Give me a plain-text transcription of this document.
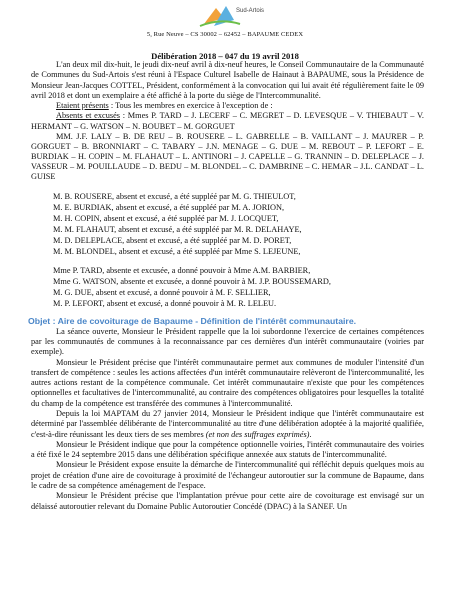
Sud-Artois
5, Rue Neuve – CS 30002 – 62452 – BAPAUME CEDEX
Délibération 2018 – 047 du 19 avril 2018

L'an deux mil dix-huit, le jeudi dix-neuf avril à dix-neuf heures, le Conseil Communautaire de la Communauté de Communes du Sud-Artois s'est réuni à l'Espace Culturel Isabelle de Hainaut à BAPAUME, sous la Présidence de Monsieur Jean-Jacques COTTEL, Président, conformément à la convocation qui lui avait été régulièrement faite le 09 avril 2018 et dont un exemplaire a été affiché à la porte du siège de l'Intercommunalité.

Etaient présents : Tous les membres en exercice à l'exception de :

Absents et excusés : Mmes P. TARD – J. LECERF – C. MEGRET – D. LEVESQUE – V. THIEBAUT – V. HERMANT – G. WATSON – N. BOUBET – M. GORGUET

MM. J.F. LALY – B. DE REU – B. ROUSERE – L. GABRELLE – B. VAILLANT – J. MAURER – P. GORGUET – B. BRONNIART – C. TABARY – J.N. MENAGE – G. DUE – M. REBOUT – P. LEFORT – E. BURDIAK – H. COPIN – M. FLAHAUT – L. ANTINORI – J. CAPELLE – G. TRANNIN – D. DELEPLACE – J. VASSEUR – M. POUILLAUDE – D. BEDU – M. BLONDEL – C. DAMBRINE – C. HEMAR – J.L. CANDAT – L. GUISE

M. B. ROUSERE, absent et excusé, a été suppléé par M. G. THIEULOT,
M. E. BURDIAK, absent et excusé, a été suppléé par M. A. JORION,
M. H. COPIN, absent et excusé, a été suppléé par M. J. LOCQUET,
M. M. FLAHAUT, absent et excusé, a été suppléé par M. R. DELAHAYE,
M. D. DELEPLACE, absent et excusé, a été suppléé par M. D. PORET,
M. M. BLONDEL, absent et excusé, a été suppléé par Mme S. LEJEUNE,
Mme P. TARD, absente et excusée, a donné pouvoir à Mme A.M. BARBIER,
Mme G. WATSON, absente et excusée, a donné pouvoir à M. J.P. BOUSSEMARD,
M. G. DUE, absent et excusé, a donné pouvoir à M. F. SELLIER,
M. P. LEFORT, absent et excusé, a donné pouvoir à M. R. LELEU.
Objet : Aire de covoiturage de Bapaume - Définition de l'intérêt communautaire.

La séance ouverte, Monsieur le Président rappelle que la loi subordonne l'exercice de certaines compétences par les communautés de communes à la reconnaissance par ces dernières d'un intérêt communautaire (voiries par exemple).

Monsieur le Président précise que l'intérêt communautaire permet aux communes de moduler l'intensité d'un transfert de compétence : seules les actions affectées d'un intérêt communautaire relèveront de l'intercommunalité, les autres actions restant de la compétence communale. Cet intérêt communautaire n'existe que pour les compétences optionnelles et facultatives de l'intercommunalité, au contraire des compétences obligatoires pour lesquelles la totalité du champ de la compétence est transférée des communes à l'intercommunalité.

Depuis la loi MAPTAM du 27 janvier 2014, Monsieur le Président indique que l'intérêt communautaire est déterminé par l'assemblée délibérante de l'intercommunalité au titre d'une délibération adoptée à la majorité qualifiée, c'est-à-dire réunissant les deux tiers de ses membres (et non des suffrages exprimés).

Monsieur le Président indique que pour la compétence optionnelle voiries, l'intérêt communautaire des voiries a été fixé le 24 septembre 2015 dans une délibération spécifique annexée aux statuts de l'intercommunalité.

Monsieur le Président expose ensuite la démarche de l'intercommunalité qui réfléchit depuis quelques mois au projet de création d'une aire de covoiturage à proximité de l'échangeur autoroutier sur la commune de Bapaume, dans le cadre de sa compétence aménagement de l'espace.

Monsieur le Président précise que l'implantation prévue pour cette aire de covoiturage est envisagé sur un délaissé autoroutier relevant du Domaine Public Autoroutier Concédé (DPAC) à la SANEF. Un
